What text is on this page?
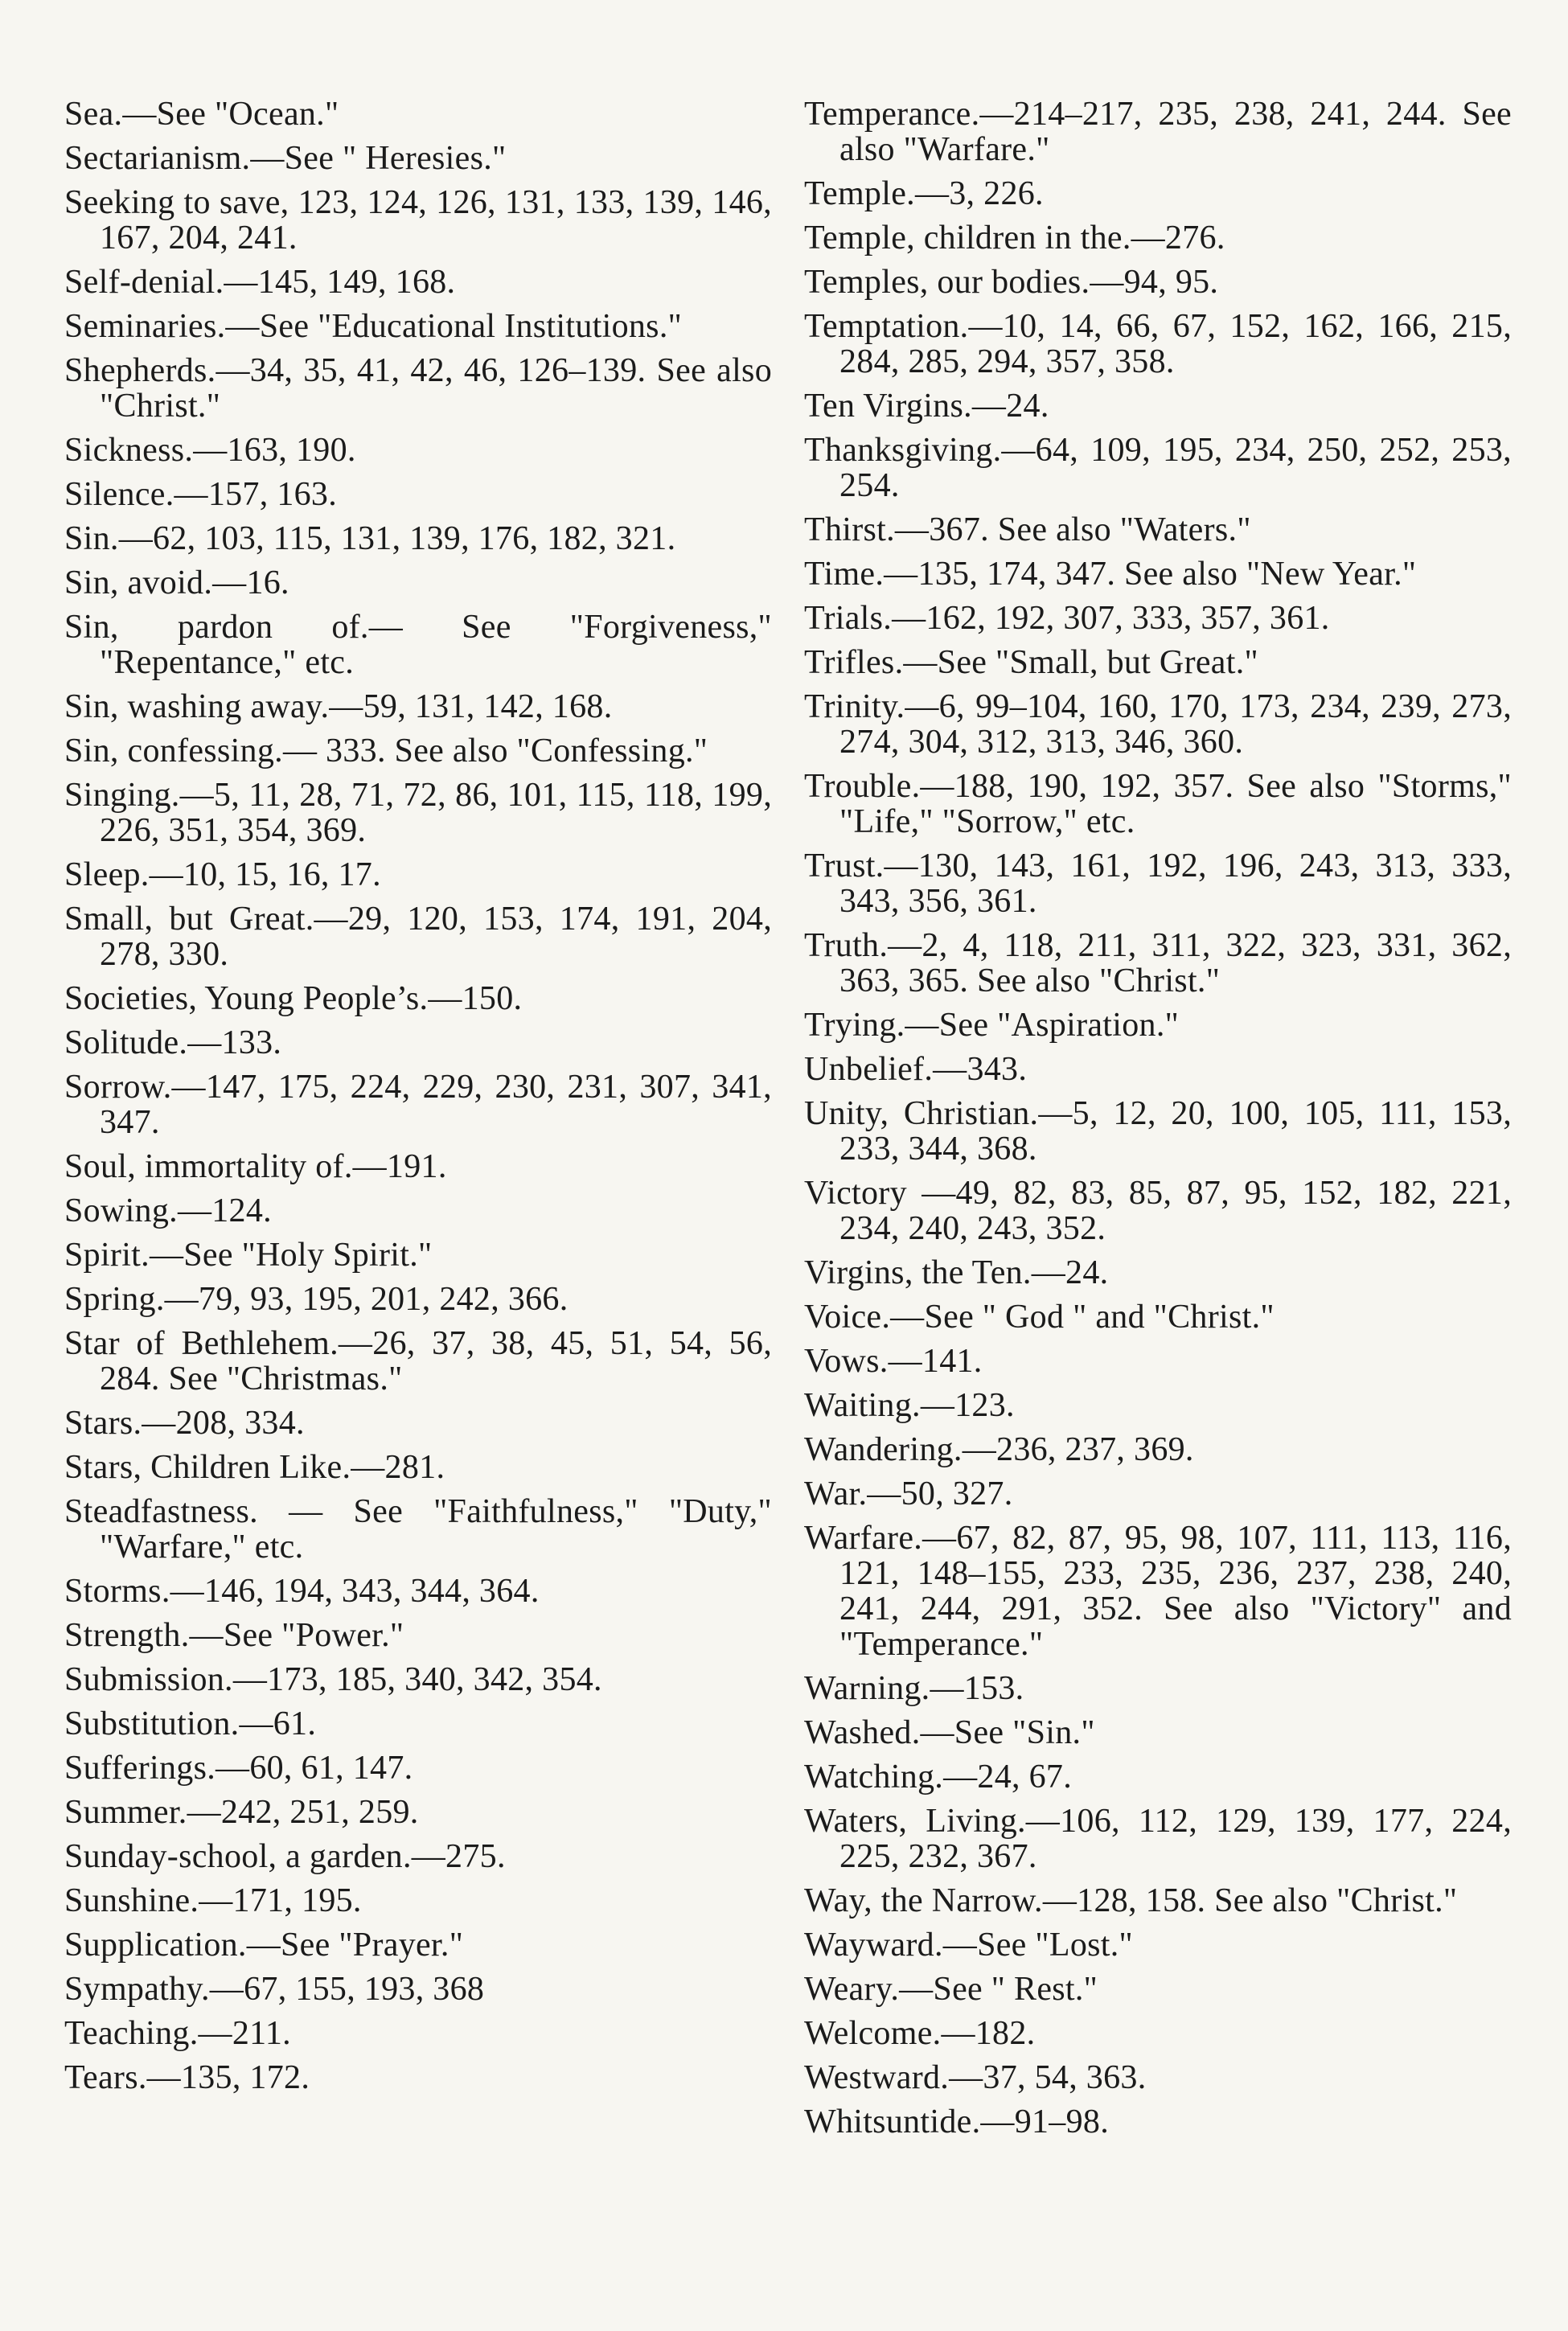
Sea.—See "Ocean."

Sectarianism.—See " Heresies."

Seeking to save, 123, 124, 126, 131, 133, 139, 146, 167, 204, 241.

Self-denial.—145, 149, 168.

Seminaries.—See "Educational Institutions."

Shepherds.—34, 35, 41, 42, 46, 126–139. See also "Christ."

Sickness.—163, 190.

Silence.—157, 163.

Sin.—62, 103, 115, 131, 139, 176, 182, 321.

Sin, avoid.—16.

Sin, pardon of.— See "Forgiveness," "Repentance," etc.

Sin, washing away.—59, 131, 142, 168.

Sin, confessing.— 333. See also "Confessing."

Singing.—5, 11, 28, 71, 72, 86, 101, 115, 118, 199, 226, 351, 354, 369.

Sleep.—10, 15, 16, 17.

Small, but Great.—29, 120, 153, 174, 191, 204, 278, 330.

Societies, Young People’s.—150.

Solitude.—133.

Sorrow.—147, 175, 224, 229, 230, 231, 307, 341, 347.

Soul, immortality of.—191.

Sowing.—124.

Spirit.—See "Holy Spirit."

Spring.—79, 93, 195, 201, 242, 366.

Star of Bethlehem.—26, 37, 38, 45, 51, 54, 56, 284. See "Christmas."

Stars.—208, 334.

Stars, Children Like.—281.

Steadfastness. — See "Faithfulness," "Duty," "Warfare," etc.

Storms.—146, 194, 343, 344, 364.

Strength.—See "Power."

Submission.—173, 185, 340, 342, 354.

Substitution.—61.

Sufferings.—60, 61, 147.

Summer.—242, 251, 259.

Sunday-school, a garden.—275.

Sunshine.—171, 195.

Supplication.—See "Prayer."

Sympathy.—67, 155, 193, 368

Teaching.—211.

Tears.—135, 172.

Temperance.—214–217, 235, 238, 241, 244. See also "Warfare."

Temple.—3, 226.

Temple, children in the.—276.

Temples, our bodies.—94, 95.

Temptation.—10, 14, 66, 67, 152, 162, 166, 215, 284, 285, 294, 357, 358.

Ten Virgins.—24.

Thanksgiving.—64, 109, 195, 234, 250, 252, 253, 254.

Thirst.—367. See also "Waters."

Time.—135, 174, 347. See also "New Year."

Trials.—162, 192, 307, 333, 357, 361.

Trifles.—See "Small, but Great."

Trinity.—6, 99–104, 160, 170, 173, 234, 239, 273, 274, 304, 312, 313, 346, 360.

Trouble.—188, 190, 192, 357. See also "Storms," "Life," "Sorrow," etc.

Trust.—130, 143, 161, 192, 196, 243, 313, 333, 343, 356, 361.

Truth.—2, 4, 118, 211, 311, 322, 323, 331, 362, 363, 365. See also "Christ."

Trying.—See "Aspiration."

Unbelief.—343.

Unity, Christian.—5, 12, 20, 100, 105, 111, 153, 233, 344, 368.

Victory —49, 82, 83, 85, 87, 95, 152, 182, 221, 234, 240, 243, 352.

Virgins, the Ten.—24.

Voice.—See " God " and "Christ."

Vows.—141.

Waiting.—123.

Wandering.—236, 237, 369.

War.—50, 327.

Warfare.—67, 82, 87, 95, 98, 107, 111, 113, 116, 121, 148–155, 233, 235, 236, 237, 238, 240, 241, 244, 291, 352. See also "Victory" and "Temperance."

Warning.—153.

Washed.—See "Sin."

Watching.—24, 67.

Waters, Living.—106, 112, 129, 139, 177, 224, 225, 232, 367.

Way, the Narrow.—128, 158. See also "Christ."

Wayward.—See "Lost."

Weary.—See " Rest."

Welcome.—182.

Westward.—37, 54, 363.

Whitsuntide.—91–98.
